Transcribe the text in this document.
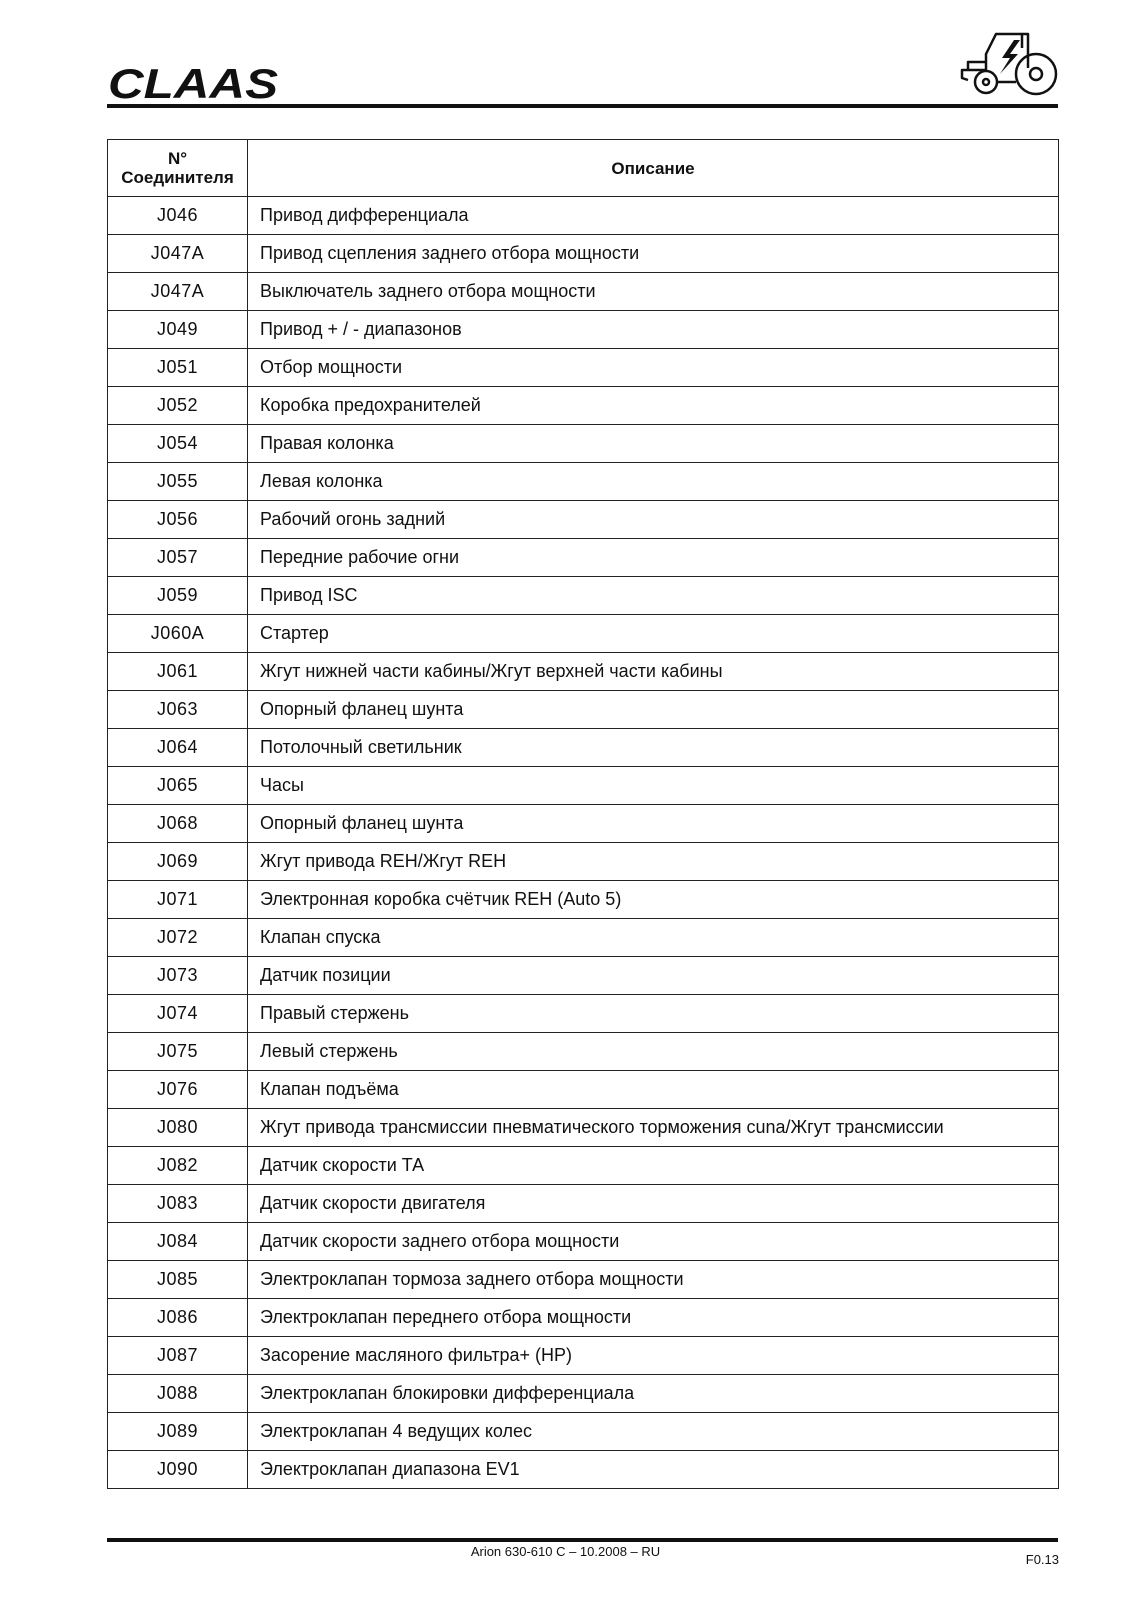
CLAAS
N°
Соединителя	Описание
J046	Привод дифференциала
J047A	Привод сцепления заднего отбора мощности
J047A	Выключатель заднего отбора мощности
J049	Привод + / - диапазонов
J051	Отбор мощности
J052	Коробка предохранителей
J054	Правая колонка
J055	Левая колонка
J056	Рабочий огонь задний
J057	Передние рабочие огни
J059	Привод ISC
J060A	Стартер
J061	Жгут нижней части кабины/Жгут верхней части кабины
J063	Опорный фланец шунта
J064	Потолочный светильник
J065	Часы
J068	Опорный фланец шунта
J069	Жгут привода REH/Жгут REH
J071	Электронная коробка счётчик REH (Auto 5)
J072	Клапан спуска
J073	Датчик позиции
J074	Правый стержень
J075	Левый стержень
J076	Клапан подъёма
J080	Жгут привода трансмиссии пневматического торможения cuna/Жгут трансмиссии
J082	Датчик скорости ТА
J083	Датчик скорости двигателя
J084	Датчик скорости заднего отбора мощности
J085	Электроклапан тормоза заднего отбора мощности
J086	Электроклапан переднего отбора мощности
J087	Засорение масляного фильтра+ (HP)
J088	Электроклапан блокировки дифференциала
J089	Электроклапан 4 ведущих колес
J090	Электроклапан диапазона EV1
Arion 630-610 C – 10.2008 – RU
F0.13
